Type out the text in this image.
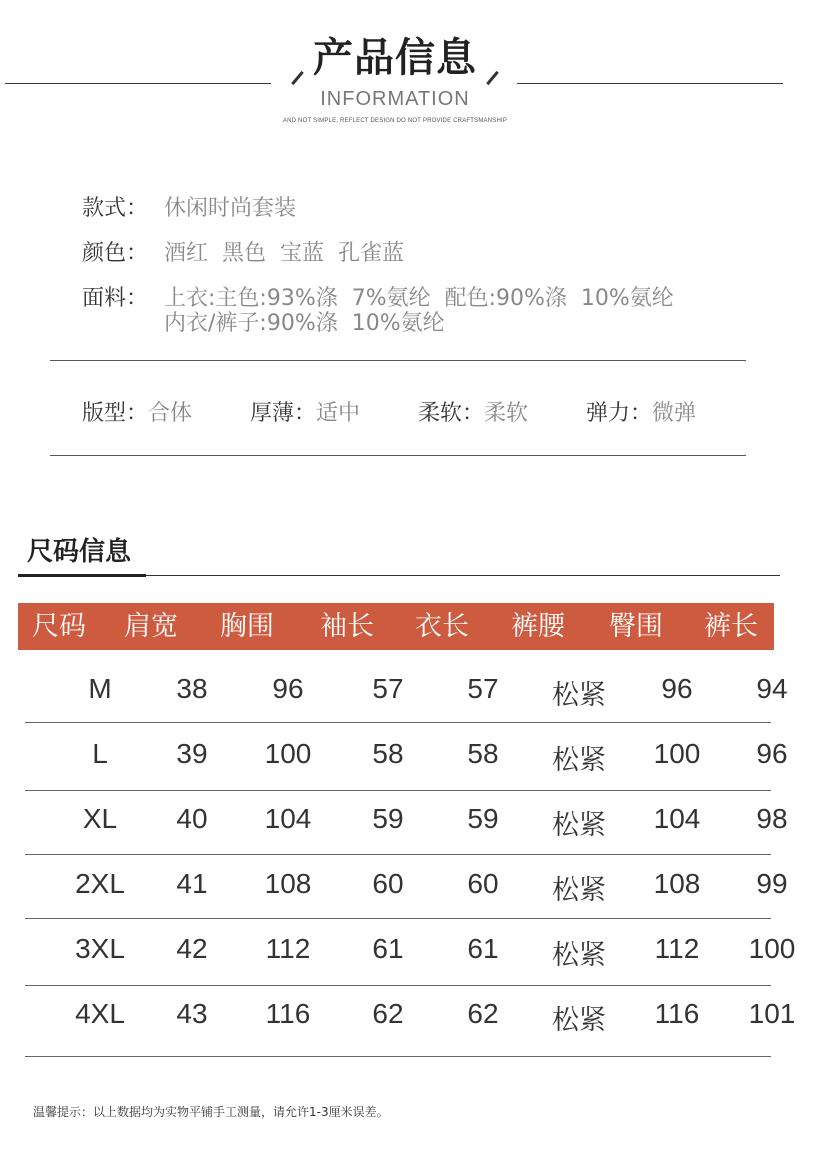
产品信息
INFORMATION
AND NOT SIMPLE, REFLECT DESIGN DO NOT PROVIDE CRAFTSMANSHIP
款式： 休闲时尚套装
颜色： 酒红  黑色  宝蓝  孔雀蓝
面料： 上衣:主色:93%涤  7%氨纶  配色:90%涤  10%氨纶
内衣/裤子:90%涤  10%氨纶
版型：合体	厚薄：适中	柔软：柔软	弹力：微弹
尺码信息
尺码	肩宽	胸围	袖长	衣长	裤腰	臀围	裤长
M	38	96	57	57	松紧	96	94
L	39	100	58	58	松紧	100	96
XL	40	104	59	59	松紧	104	98
2XL	41	108	60	60	松紧	108	99
3XL	42	112	61	61	松紧	112	100
4XL	43	116	62	62	松紧	116	101
温馨提示：以上数据均为实物平铺手工测量，请允许1-3厘米误差。
